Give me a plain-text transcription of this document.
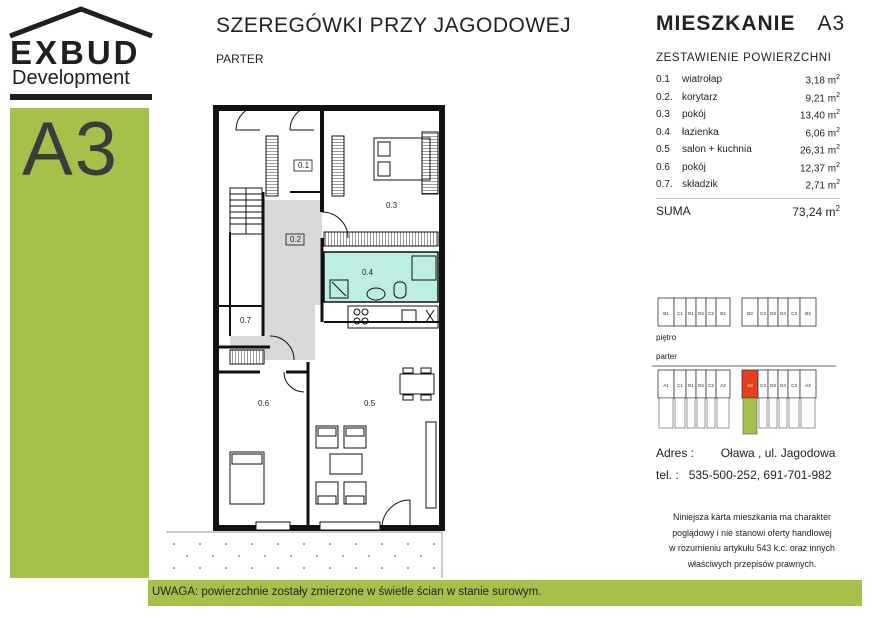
EXBUD
Development
A3
SZEREGÓWKI PRZY JAGODOWEJ
PARTER
MIESZKANIE A3
ZESTAWIENIE POWIERZCHNI
0.1 wiatrołap	3,18 $m^2$
0.2. korytarz	9,21 $m^2$
0.3 pokój	13,40 $m^2$
0.4 łazienka	6,06 $m^2$
0.5 salon + kuchnia	26,31 $m^2$
0.6 pokój	12,37 $m^2$
0.7. składzik	2,71 $m^2$
SUMA	73,24 $m^2$
0.1
0.3
0.2
0.4
0.7
0.5
0.6
B1 C1 D1 D2 C2 B2	B3 C3 D3 D4 C4 B4
A1 C1 D1 D2 C2 A2	A3 C3 D3 D4 C4 A4
piętro
parter
Adres : Oława , ul. Jagodowa
tel. : 535-500-252, 691-701-982
Niniejsza karta mieszkania ma charakter
poglądowy i nie stanowi oferty handlowej
w rozumieniu artykułu 543 k.c. oraz innych
właściwych przepisów prawnych.
UWAGA: powierzchnie zostały zmierzone w świetle ścian w stanie surowym.
